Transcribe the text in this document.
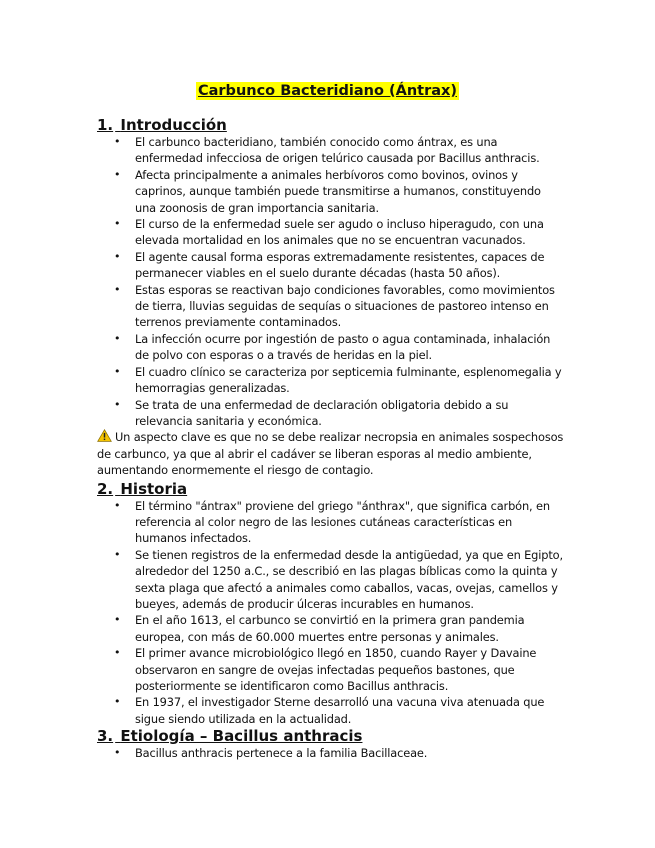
Carbunco Bacteridiano (Ántrax)
1. Introducción
• El carbunco bacteridiano, también conocido como ántrax, es una enfermedad infecciosa de origen telúrico causada por Bacillus anthracis.
• Afecta principalmente a animales herbívoros como bovinos, ovinos y caprinos, aunque también puede transmitirse a humanos, constituyendo una zoonosis de gran importancia sanitaria.
• El curso de la enfermedad suele ser agudo o incluso hiperagudo, con una elevada mortalidad en los animales que no se encuentran vacunados.
• El agente causal forma esporas extremadamente resistentes, capaces de permanecer viables en el suelo durante décadas (hasta 50 años).
• Estas esporas se reactivan bajo condiciones favorables, como movimientos de tierra, lluvias seguidas de sequías o situaciones de pastoreo intenso en terrenos previamente contaminados.
• La infección ocurre por ingestión de pasto o agua contaminada, inhalación de polvo con esporas o a través de heridas en la piel.
• El cuadro clínico se caracteriza por septicemia fulminante, esplenomegalia y hemorragias generalizadas.
• Se trata de una enfermedad de declaración obligatoria debido a su relevancia sanitaria y económica.

Un aspecto clave es que no se debe realizar necropsia en animales sospechosos de carbunco, ya que al abrir el cadáver se liberan esporas al medio ambiente, aumentando enormemente el riesgo de contagio.

2. Historia
• El término "ántrax" proviene del griego "ánthrax", que significa carbón, en referencia al color negro de las lesiones cutáneas características en humanos infectados.
• Se tienen registros de la enfermedad desde la antigüedad, ya que en Egipto, alrededor del 1250 a.C., se describió en las plagas bíblicas como la quinta y sexta plaga que afectó a animales como caballos, vacas, ovejas, camellos y bueyes, además de producir úlceras incurables en humanos.
• En el año 1613, el carbunco se convirtió en la primera gran pandemia europea, con más de 60.000 muertes entre personas y animales.
• El primer avance microbiológico llegó en 1850, cuando Rayer y Davaine observaron en sangre de ovejas infectadas pequeños bastones, que posteriormente se identificaron como Bacillus anthracis.
• En 1937, el investigador Sterne desarrolló una vacuna viva atenuada que sigue siendo utilizada en la actualidad.
3. Etiología – Bacillus anthracis
• Bacillus anthracis pertenece a la familia Bacillaceae.
